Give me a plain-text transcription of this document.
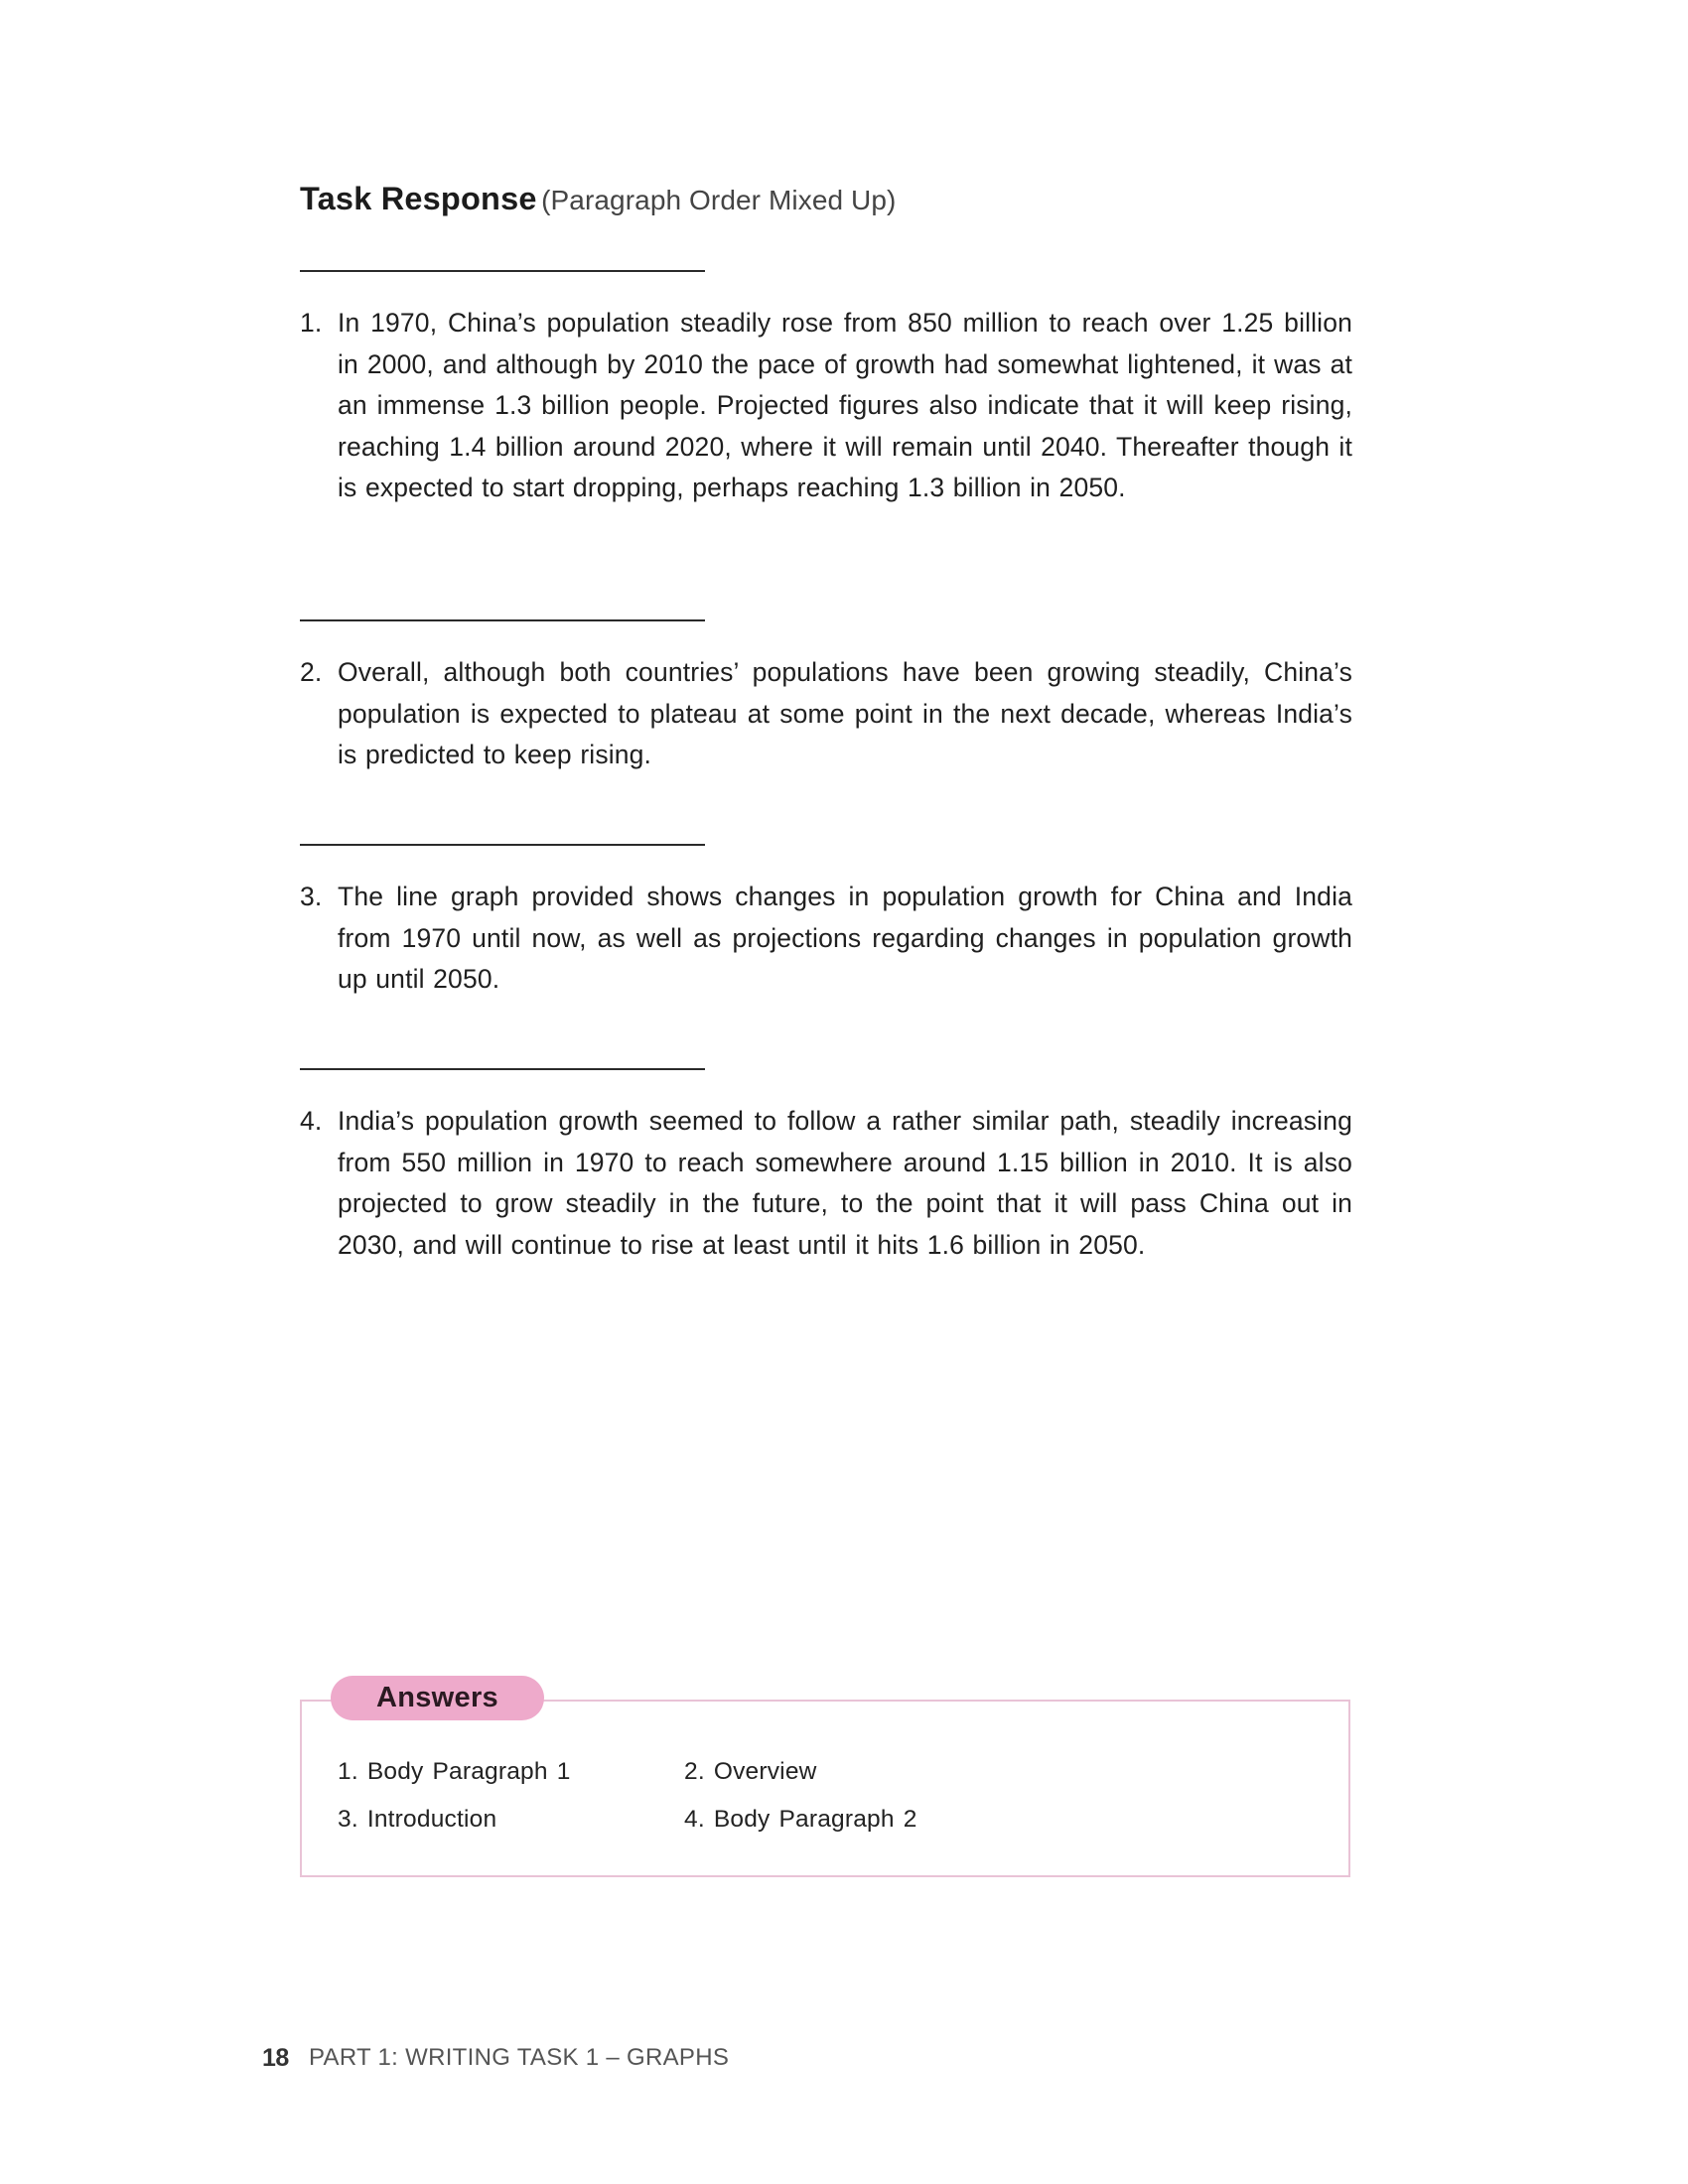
Task Response (Paragraph Order Mixed Up)
1. In 1970, China’s population steadily rose from 850 million to reach over 1.25 billion in 2000, and although by 2010 the pace of growth had somewhat lightened, it was at an immense 1.3 billion people. Projected figures also indicate that it will keep rising, reaching 1.4 billion around 2020, where it will remain until 2040. Thereafter though it is expected to start dropping, perhaps reaching 1.3 billion in 2050.
2. Overall, although both countries’ populations have been growing steadily, China’s population is expected to plateau at some point in the next decade, whereas India’s is predicted to keep rising.
3. The line graph provided shows changes in population growth for China and India from 1970 until now, as well as projections regarding changes in population growth up until 2050.
4. India’s population growth seemed to follow a rather similar path, steadily increasing from 550 million in 1970 to reach somewhere around 1.15 billion in 2010. It is also projected to grow steadily in the future, to the point that it will pass China out in 2030, and will continue to rise at least until it hits 1.6 billion in 2050.
Answers
1. Body Paragraph 1	2. Overview
3. Introduction	4. Body Paragraph 2
18 PART 1: WRITING TASK 1 – GRAPHS
